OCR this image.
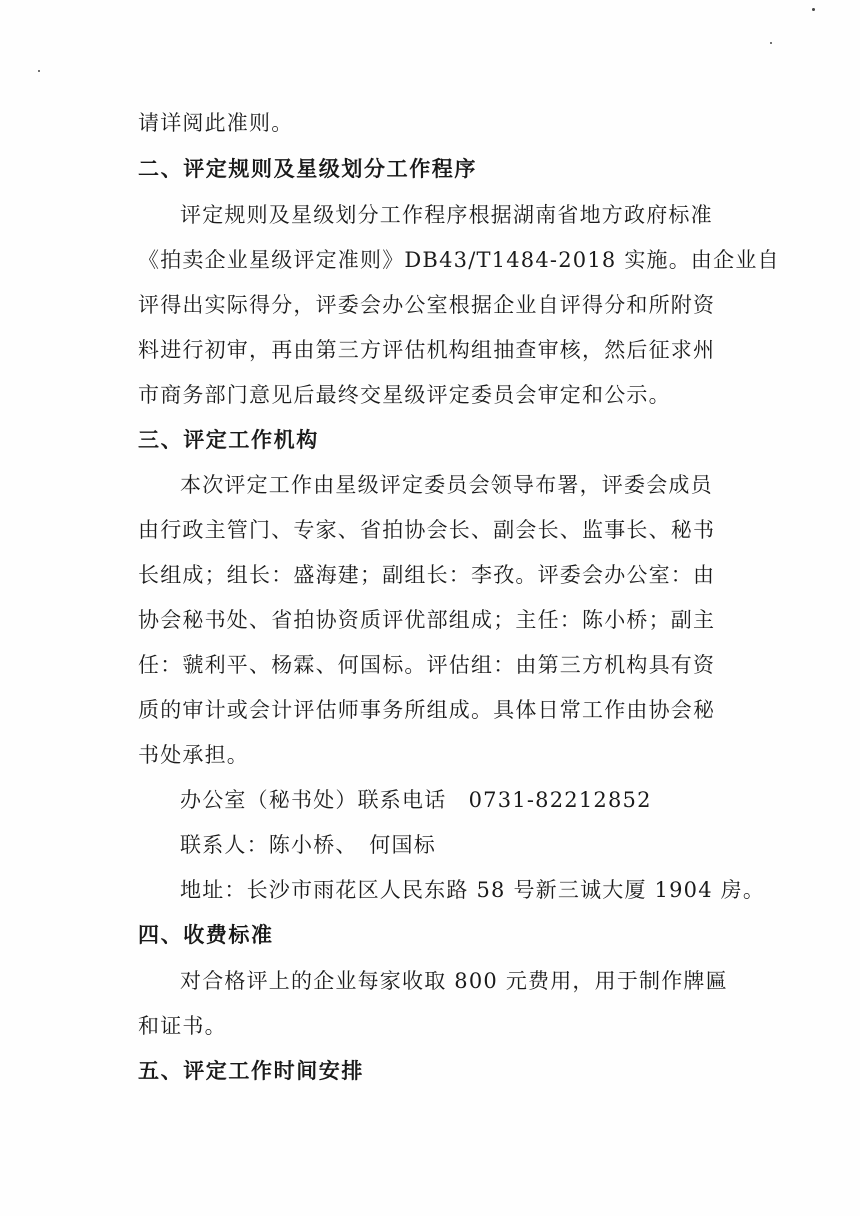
请详阅此准则。
二、评定规则及星级划分工作程序
评定规则及星级划分工作程序根据湖南省地方政府标准
《拍卖企业星级评定准则》DB43/T1484-2018 实施。由企业自
评得出实际得分，评委会办公室根据企业自评得分和所附资
料进行初审，再由第三方评估机构组抽查审核，然后征求州
市商务部门意见后最终交星级评定委员会审定和公示。
三、评定工作机构
本次评定工作由星级评定委员会领导布署，评委会成员
由行政主管门、专家、省拍协会长、副会长、监事长、秘书
长组成；组长：盛海建；副组长：李孜。评委会办公室：由
协会秘书处、省拍协资质评优部组成；主任：陈小桥；副主
任：虢利平、杨霖、何国标。评估组：由第三方机构具有资
质的审计或会计评估师事务所组成。具体日常工作由协会秘
书处承担。
办公室（秘书处）联系电话　0731-82212852
联系人：陈小桥、　何国标
地址：长沙市雨花区人民东路 58 号新三诚大厦 1904 房。
四、收费标准
对合格评上的企业每家收取 800 元费用，用于制作牌匾
和证书。
五、评定工作时间安排
